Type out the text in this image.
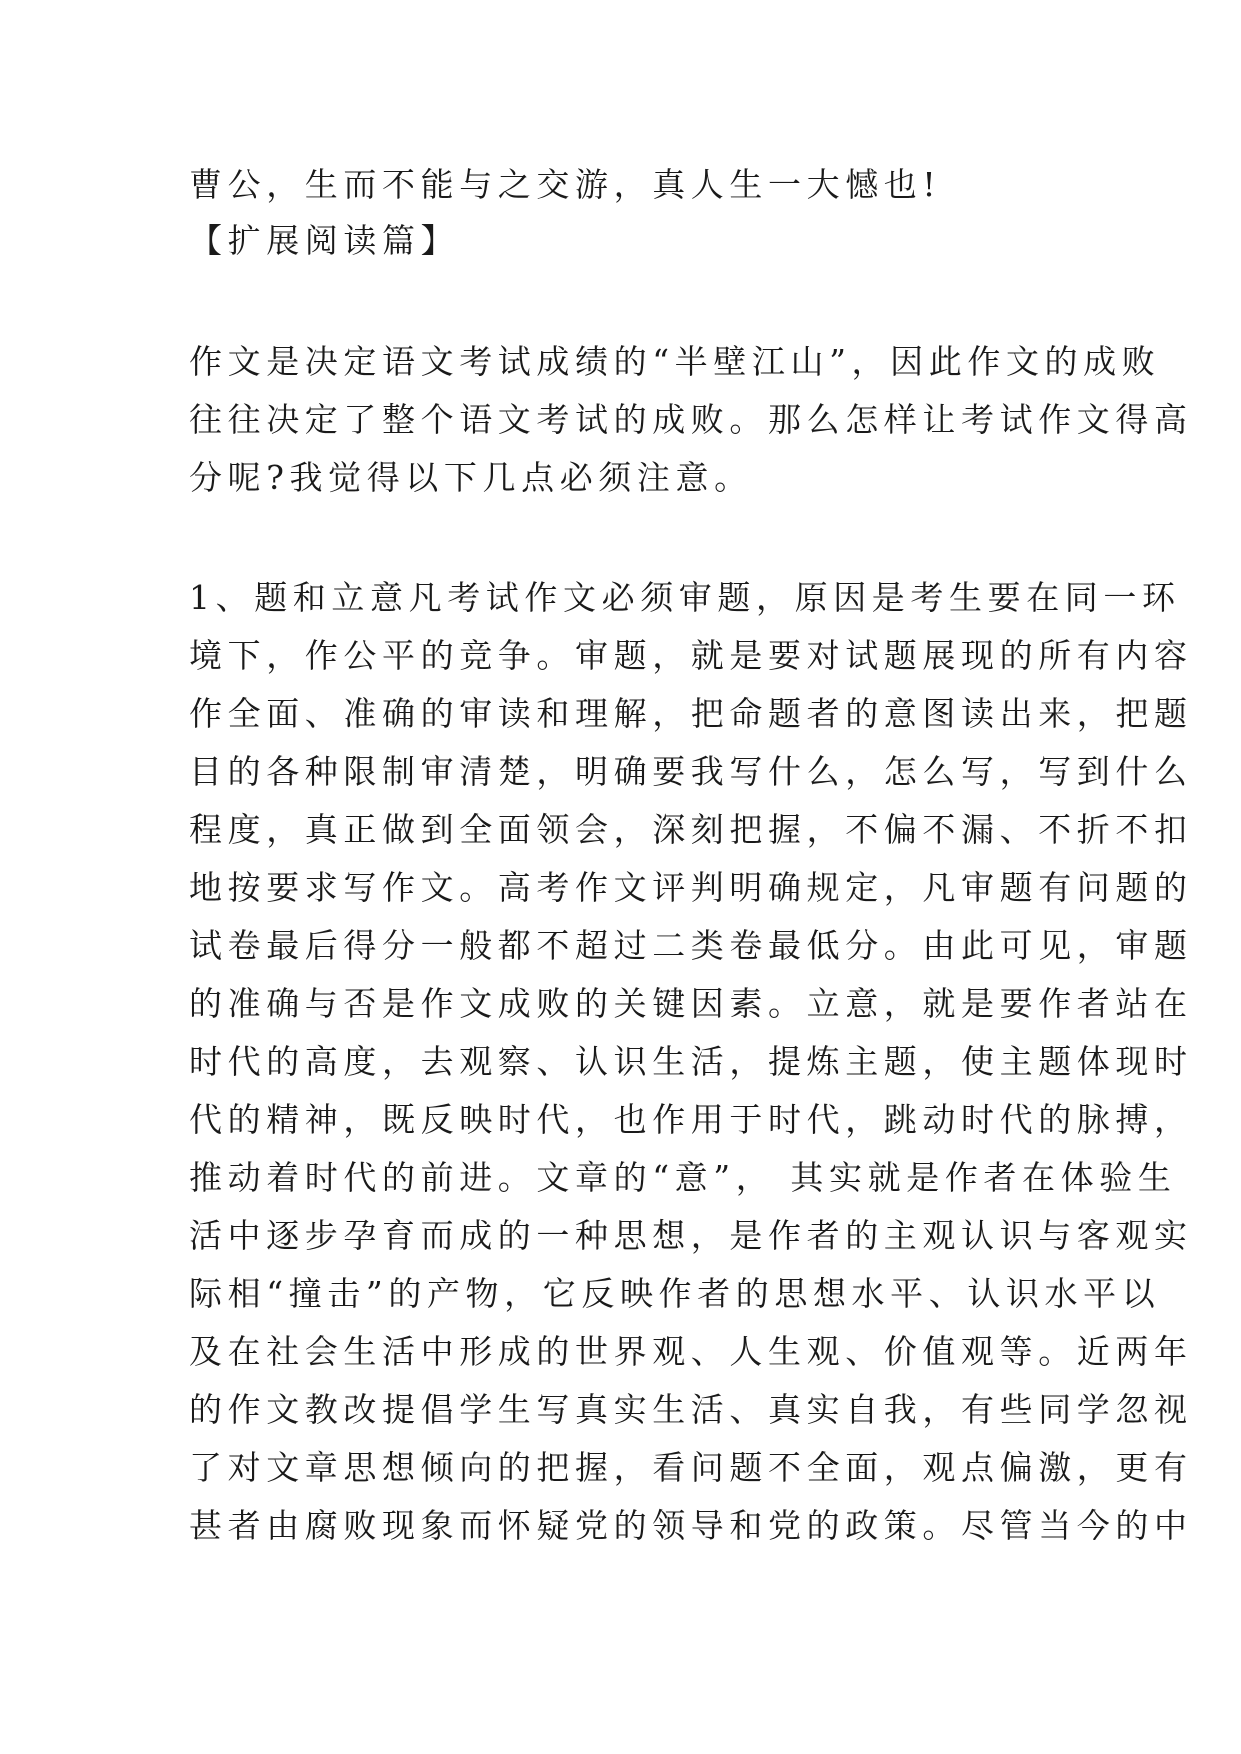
曹公，生而不能与之交游，真人生一大憾也!
【扩展阅读篇】
作文是决定语文考试成绩的“半壁江山”，因此作文的成败
往往决定了整个语文考试的成败。那么怎样让考试作文得高
分呢?我觉得以下几点必须注意。
1、题和立意凡考试作文必须审题，原因是考生要在同一环
境下，作公平的竞争。审题，就是要对试题展现的所有内容
作全面、准确的审读和理解，把命题者的意图读出来，把题
目的各种限制审清楚，明确要我写什么，怎么写，写到什么
程度，真正做到全面领会，深刻把握，不偏不漏、不折不扣
地按要求写作文。高考作文评判明确规定，凡审题有问题的
试卷最后得分一般都不超过二类卷最低分。由此可见，审题
的准确与否是作文成败的关键因素。立意，就是要作者站在
时代的高度，去观察、认识生活，提炼主题，使主题体现时
代的精神，既反映时代，也作用于时代，跳动时代的脉搏，
推动着时代的前进。文章的“意”， 其实就是作者在体验生
活中逐步孕育而成的一种思想，是作者的主观认识与客观实
际相“撞击”的产物，它反映作者的思想水平、认识水平以
及在社会生活中形成的世界观、人生观、价值观等。近两年
的作文教改提倡学生写真实生活、真实自我，有些同学忽视
了对文章思想倾向的把握，看问题不全面，观点偏激，更有
甚者由腐败现象而怀疑党的领导和党的政策。尽管当今的中
